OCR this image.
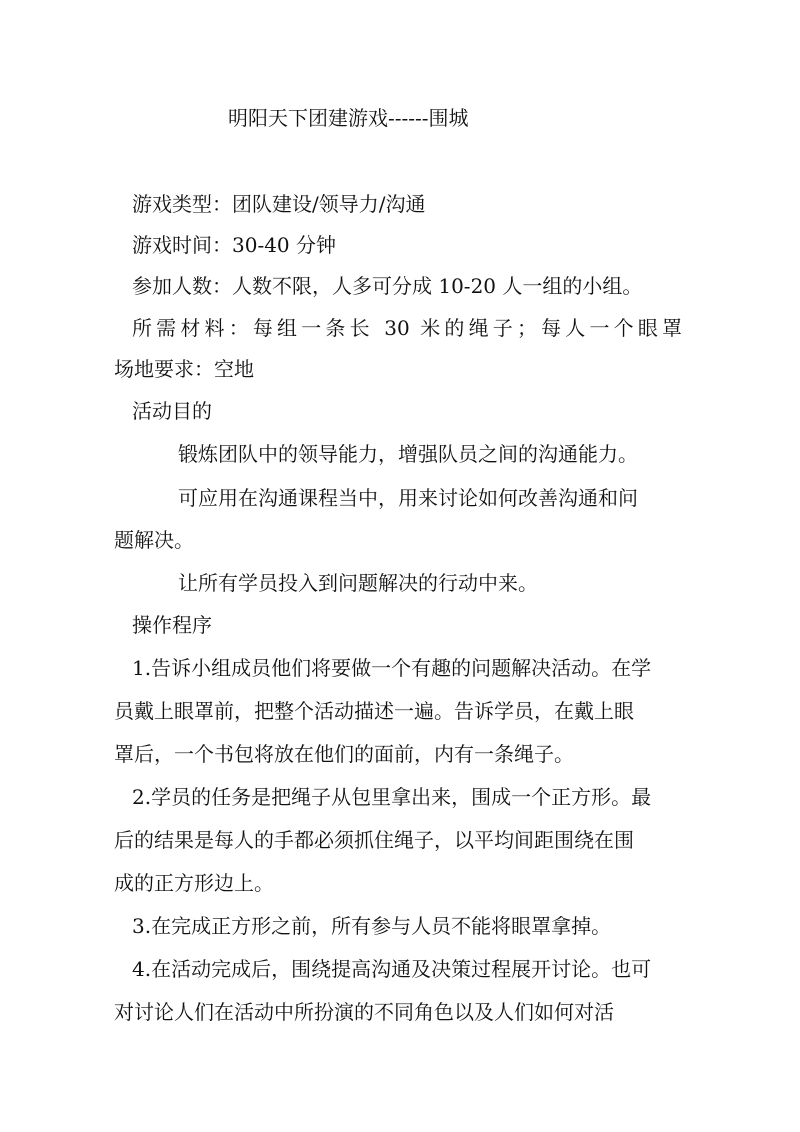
明阳天下团建游戏------围城
游戏类型：团队建设/领导力/沟通
游戏时间：30-40 分钟
参加人数：人数不限，人多可分成 10-20 人一组的小组。
所需材料：每组一条长 30 米的绳子；每人一个眼罩
场地要求：空地
活动目的
锻炼团队中的领导能力，增强队员之间的沟通能力。
可应用在沟通课程当中，用来讨论如何改善沟通和问
题解决。
让所有学员投入到问题解决的行动中来。
操作程序
1.告诉小组成员他们将要做一个有趣的问题解决活动。在学
员戴上眼罩前，把整个活动描述一遍。告诉学员，在戴上眼
罩后，一个书包将放在他们的面前，内有一条绳子。
2.学员的任务是把绳子从包里拿出来，围成一个正方形。最
后的结果是每人的手都必须抓住绳子，以平均间距围绕在围
成的正方形边上。
3.在完成正方形之前，所有参与人员不能将眼罩拿掉。
4.在活动完成后，围绕提高沟通及决策过程展开讨论。也可
对讨论人们在活动中所扮演的不同角色以及人们如何对活
